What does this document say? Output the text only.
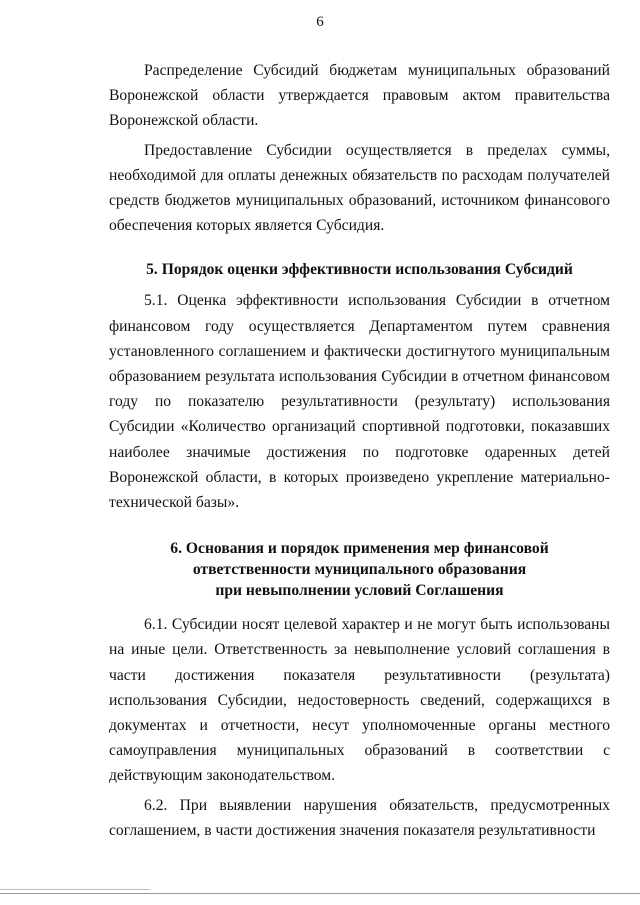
6

Распределение Субсидий бюджетам муниципальных образований Воронежской области утверждается правовым актом правительства Воронежской области.

Предоставление Субсидии осуществляется в пределах суммы, необходимой для оплаты денежных обязательств по расходам получателей средств бюджетов муниципальных образований, источником финансового обеспечения которых является Субсидия.

5. Порядок оценки эффективности использования Субсидий

5.1. Оценка эффективности использования Субсидии в отчетном финансовом году осуществляется Департаментом путем сравнения установленного соглашением и фактически достигнутого муниципальным образованием результата использования Субсидии в отчетном финансовом году по показателю результативности (результату) использования Субсидии «Количество организаций спортивной подготовки, показавших наиболее значимые достижения по подготовке одаренных детей Воронежской области, в которых произведено укрепление материально-технической базы».

6. Основания и порядок применения мер финансовой
ответственности муниципального образования
при невыполнении условий Соглашения

6.1. Субсидии носят целевой характер и не могут быть использованы на иные цели. Ответственность за невыполнение условий соглашения в части достижения показателя результативности (результата) использования Субсидии, недостоверность сведений, содержащихся в документах и отчетности, несут уполномоченные органы местного самоуправления муниципальных образований в соответствии с действующим законодательством.

6.2. При выявлении нарушения обязательств, предусмотренных соглашением, в части достижения значения показателя результативности
